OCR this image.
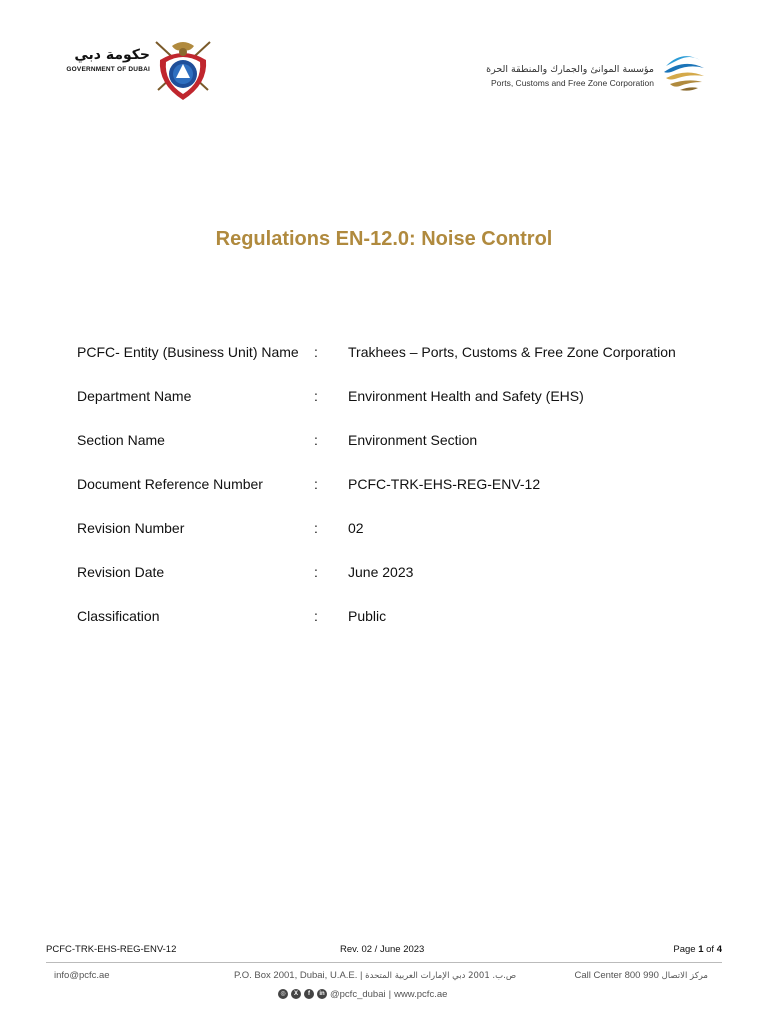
حكومة دبي
GOVERNMENT OF DUBAI	مؤسسة الموانئ والجمارك والمنطقة الحرة
Ports, Customs and Free Zone Corporation
Regulations EN-12.0: Noise Control
PCFC- Entity (Business Unit) Name : Trakhees – Ports, Customs & Free Zone Corporation
Department Name	: Environment Health and Safety (EHS)
Section Name	: Environment Section
Document Reference Number	: PCFC-TRK-EHS-REG-ENV-12
Revision Number	: 02
Revision Date	: June 2023
Classification	: Public
PCFC-TRK-EHS-REG-ENV-12	Rev. 02 / June 2023	Page 1 of 4
info@pcfc.ae	P.O. Box 2001, Dubai, U.A.E. | ص.ب. 2001 دبي الإمارات العربية المتحدة	Call Center 800 990 مركز الاتصال
◎	X	f	in @pcfc_dubai | www.pcfc.ae
